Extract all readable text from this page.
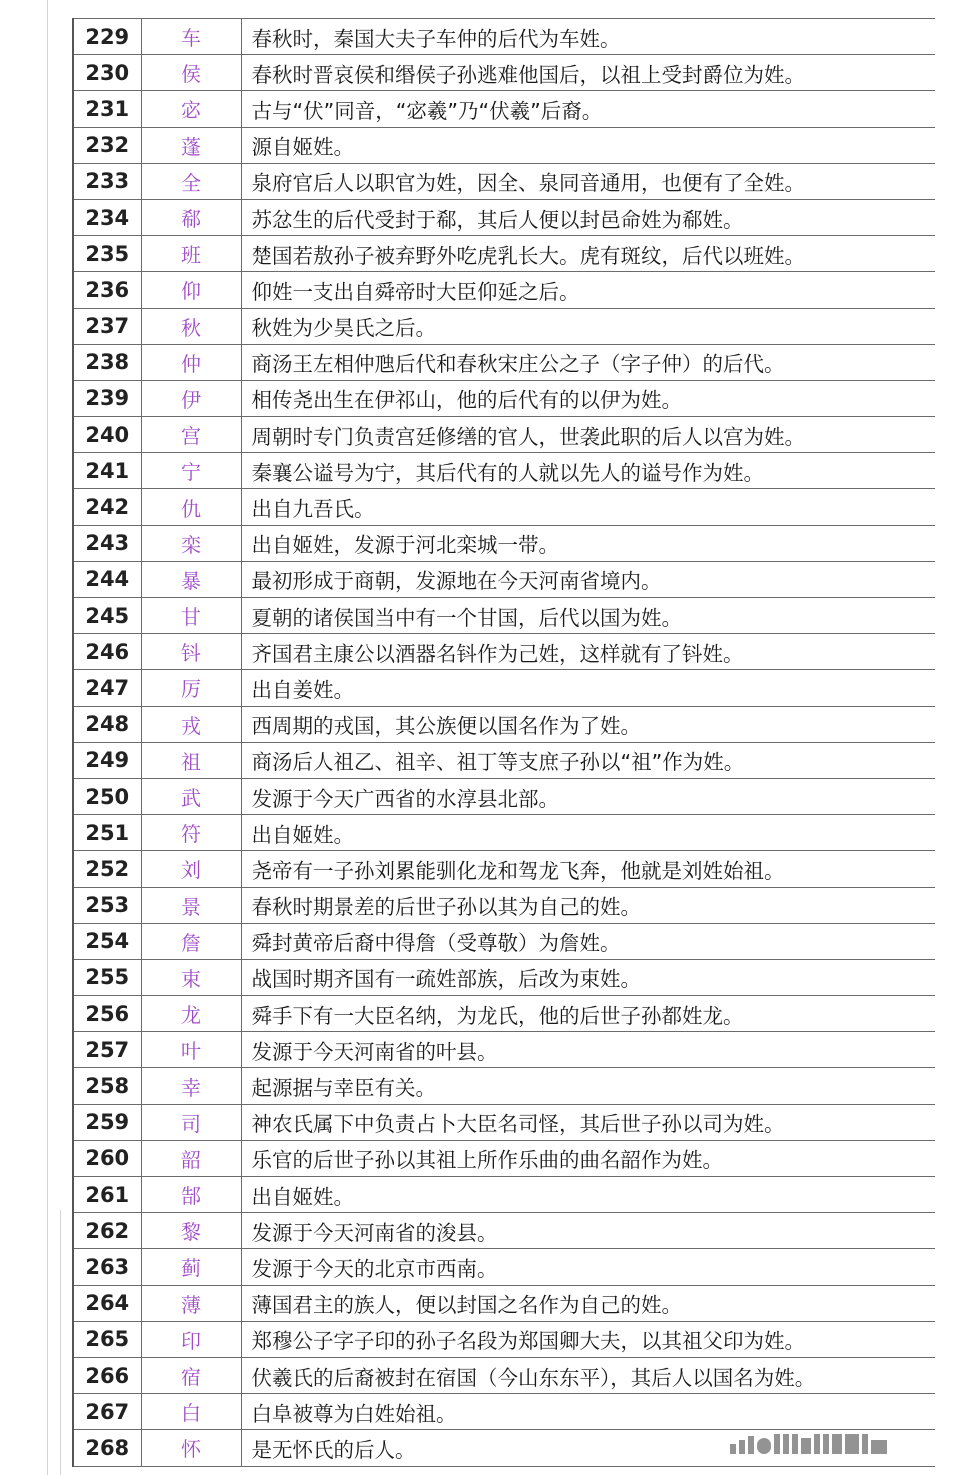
229	车	春秋时，秦国大夫子车仲的后代为车姓。
230	侯	春秋时晋哀侯和缗侯子孙逃难他国后，以祖上受封爵位为姓。
231	宓	古与“伏”同音，“宓羲”乃“伏羲”后裔。
232	蓬	源自姬姓。
233	全	泉府官后人以职官为姓，因全、泉同音通用，也便有了全姓。
234	郗	苏忿生的后代受封于郗，其后人便以封邑命姓为郗姓。
235	班	楚国若敖孙子被弃野外吃虎乳长大。虎有斑纹，后代以班姓。
236	仰	仰姓一支出自舜帝时大臣仰延之后。
237	秋	秋姓为少昊氏之后。
238	仲	商汤王左相仲虺后代和春秋宋庄公之子（字子仲）的后代。
239	伊	相传尧出生在伊祁山，他的后代有的以伊为姓。
240	宫	周朝时专门负责宫廷修缮的官人，世袭此职的后人以宫为姓。
241	宁	秦襄公谥号为宁，其后代有的人就以先人的谥号作为姓。
242	仇	出自九吾氏。
243	栾	出自姬姓，发源于河北栾城一带。
244	暴	最初形成于商朝，发源地在今天河南省境内。
245	甘	夏朝的诸侯国当中有一个甘国，后代以国为姓。
246	钭	齐国君主康公以酒器名钭作为己姓，这样就有了钭姓。
247	厉	出自姜姓。
248	戎	西周期的戎国，其公族便以国名作为了姓。
249	祖	商汤后人祖乙、祖辛、祖丁等支庶子孙以“祖”作为姓。
250	武	发源于今天广西省的水淳县北部。
251	符	出自姬姓。
252	刘	尧帝有一子孙刘累能驯化龙和驾龙飞奔，他就是刘姓始祖。
253	景	春秋时期景差的后世子孙以其为自己的姓。
254	詹	舜封黄帝后裔中得詹（受尊敬）为詹姓。
255	束	战国时期齐国有一疏姓部族，后改为束姓。
256	龙	舜手下有一大臣名纳，为龙氏，他的后世子孙都姓龙。
257	叶	发源于今天河南省的叶县。
258	幸	起源据与幸臣有关。
259	司	神农氏属下中负责占卜大臣名司怪，其后世子孙以司为姓。
260	韶	乐官的后世子孙以其祖上所作乐曲的曲名韶作为姓。
261	郜	出自姬姓。
262	黎	发源于今天河南省的浚县。
263	蓟	发源于今天的北京市西南。
264	薄	薄国君主的族人，便以封国之名作为自己的姓。
265	印	郑穆公子字子印的孙子名段为郑国卿大夫，以其祖父印为姓。
266	宿	伏羲氏的后裔被封在宿国（今山东东平），其后人以国名为姓。
267	白	白阜被尊为白姓始祖。
268	怀	是无怀氏的后人。
